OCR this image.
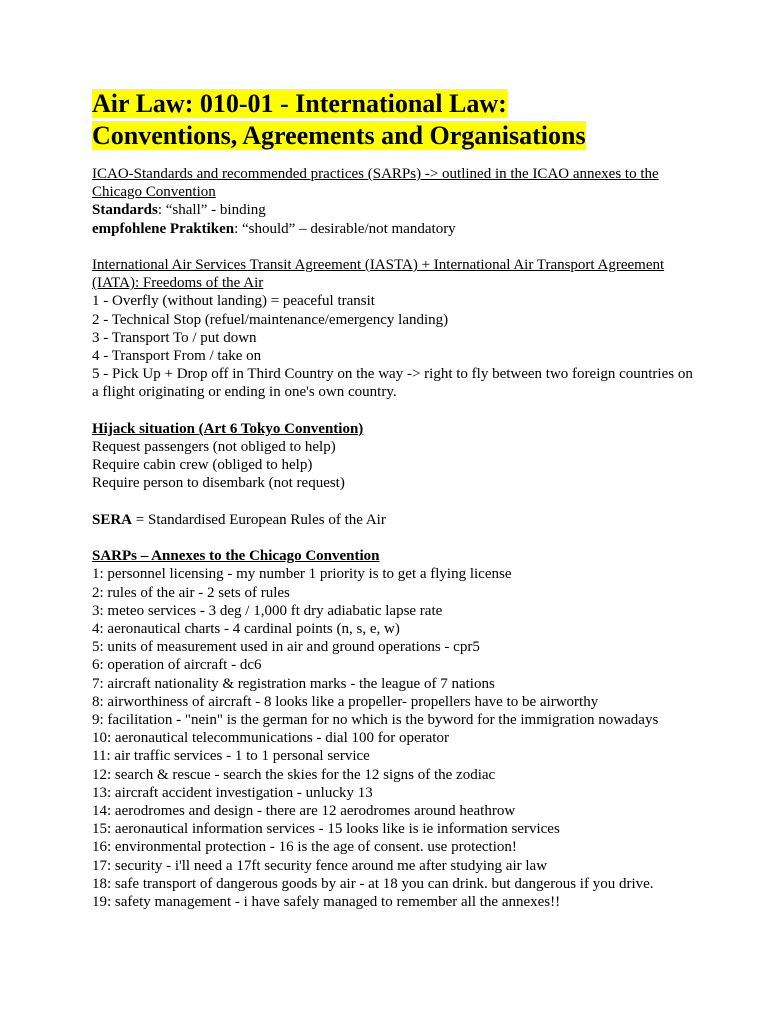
Air Law: 010-01 - International Law:
Conventions, Agreements and Organisations

ICAO-Standards and recommended practices (SARPs) -> outlined in the ICAO annexes to the Chicago Convention

Standards: “shall” - binding

empfohlene Praktiken: “should” – desirable/not mandatory

International Air Services Transit Agreement (IASTA) + International Air Transport Agreement (IATA): Freedoms of the Air

1 - Overfly (without landing) = peaceful transit

2 - Technical Stop (refuel/maintenance/emergency landing)

3 - Transport To / put down

4 - Transport From / take on

5 - Pick Up + Drop off in Third Country on the way -> right to fly between two foreign countries on a flight originating or ending in one's own country.

Hijack situation (Art 6 Tokyo Convention)

Request passengers (not obliged to help)

Require cabin crew (obliged to help)

Require person to disembark (not request)

SERA = Standardised European Rules of the Air

SARPs – Annexes to the Chicago Convention

1: personnel licensing - my number 1 priority is to get a flying license

2: rules of the air - 2 sets of rules

3: meteo services - 3 deg / 1,000 ft dry adiabatic lapse rate

4: aeronautical charts - 4 cardinal points (n, s, e, w)

5: units of measurement used in air and ground operations - cpr5

6: operation of aircraft - dc6

7: aircraft nationality & registration marks - the league of 7 nations

8: airworthiness of aircraft - 8 looks like a propeller- propellers have to be airworthy

9: facilitation - "nein" is the german for no which is the byword for the immigration nowadays

10: aeronautical telecommunications - dial 100 for operator

11: air traffic services - 1 to 1 personal service

12: search & rescue - search the skies for the 12 signs of the zodiac

13: aircraft accident investigation - unlucky 13

14: aerodromes and design - there are 12 aerodromes around heathrow

15: aeronautical information services - 15 looks like is ie information services

16: environmental protection - 16 is the age of consent. use protection!

17: security - i'll need a 17ft security fence around me after studying air law

18: safe transport of dangerous goods by air - at 18 you can drink. but dangerous if you drive.

19: safety management - i have safely managed to remember all the annexes!!
